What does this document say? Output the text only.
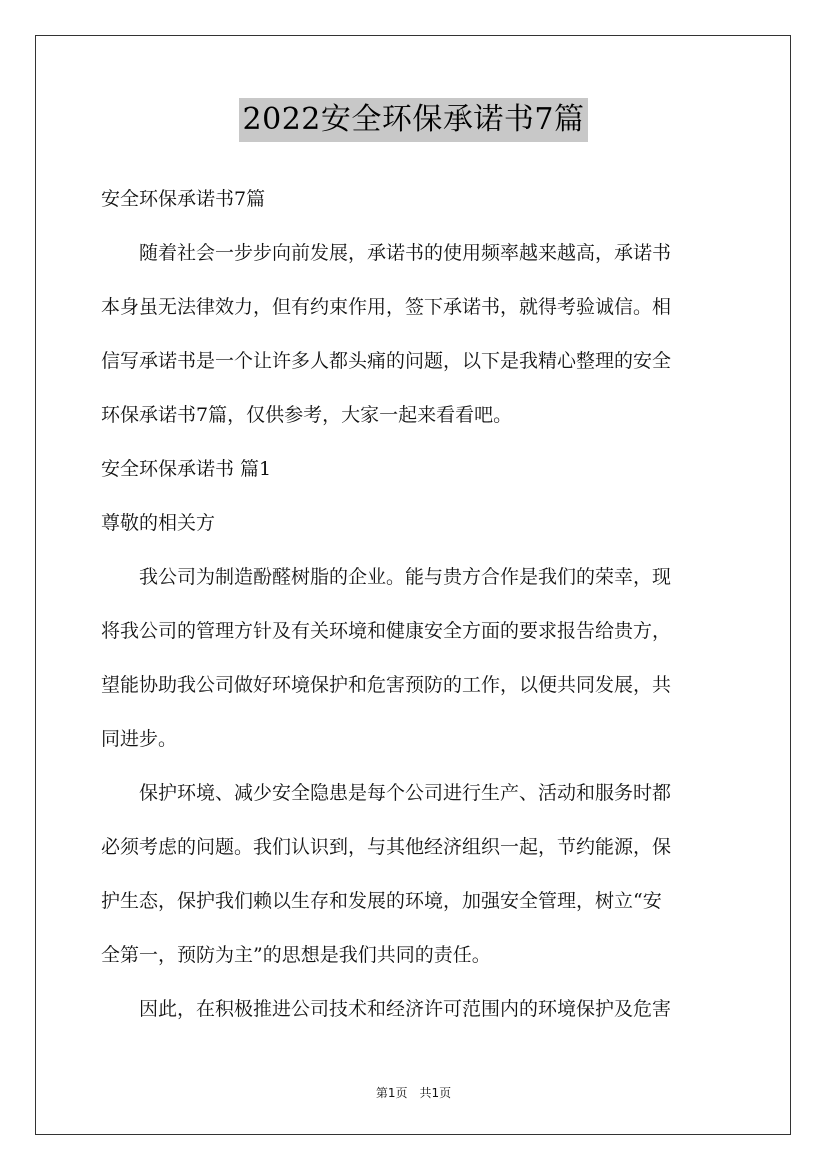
2022安全环保承诺书7篇
安全环保承诺书7篇
随着社会一步步向前发展，承诺书的使用频率越来越高，承诺书
本身虽无法律效力，但有约束作用，签下承诺书，就得考验诚信。相
信写承诺书是一个让许多人都头痛的问题，以下是我精心整理的安全
环保承诺书7篇，仅供参考，大家一起来看看吧。
安全环保承诺书 篇1
尊敬的相关方
我公司为制造酚醛树脂的企业。能与贵方合作是我们的荣幸，现
将我公司的管理方针及有关环境和健康安全方面的要求报告给贵方，
望能协助我公司做好环境保护和危害预防的工作，以便共同发展，共
同进步。
保护环境、减少安全隐患是每个公司进行生产、活动和服务时都
必须考虑的问题。我们认识到，与其他经济组织一起，节约能源，保
护生态，保护我们赖以生存和发展的环境，加强安全管理，树立“安
全第一，预防为主”的思想是我们共同的责任。
因此，在积极推进公司技术和经济许可范围内的环境保护及危害
第1页　共1页
